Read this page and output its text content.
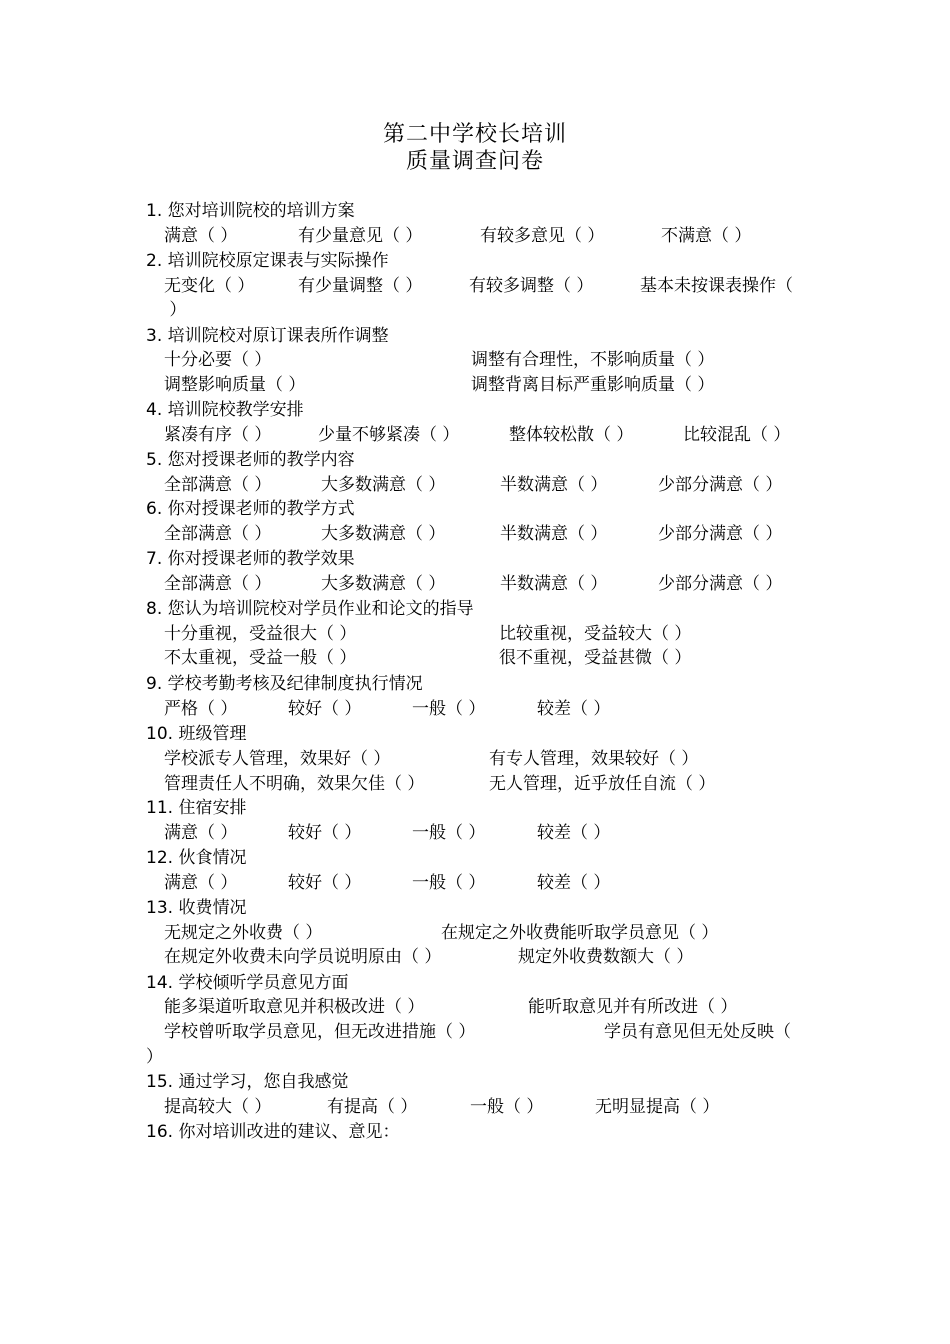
第二中学校长培训
质量调查问卷
1. 您对培训院校的培训方案
满意（ ）	有少量意见（ ）	有较多意见（ ）	不满意（ ）
2. 培训院校原定课表与实际操作
无变化（ ）	有少量调整（ ）	有较多调整（ ）	基本未按课表操作（
）
3. 培训院校对原订课表所作调整
十分必要（ ）	调整有合理性，不影响质量（ ）
调整影响质量（ ）	调整背离目标严重影响质量（ ）
4. 培训院校教学安排
紧凑有序（ ）	少量不够紧凑（ ）	整体较松散（ ）	比较混乱（ ）
5. 您对授课老师的教学内容
全部满意（ ）	大多数满意（ ）	半数满意（ ）	少部分满意（ ）
6. 你对授课老师的教学方式
全部满意（ ）	大多数满意（ ）	半数满意（ ）	少部分满意（ ）
7. 你对授课老师的教学效果
全部满意（ ）	大多数满意（ ）	半数满意（ ）	少部分满意（ ）
8. 您认为培训院校对学员作业和论文的指导
十分重视，受益很大（ ）	比较重视，受益较大（ ）
不太重视，受益一般（ ）	很不重视，受益甚微（ ）
9. 学校考勤考核及纪律制度执行情况
严格（ ）	较好（ ）	一般（ ）	较差（ ）
10. 班级管理
学校派专人管理，效果好（ ）	有专人管理，效果较好（ ）
管理责任人不明确，效果欠佳（ ）	无人管理，近乎放任自流（ ）
11. 住宿安排
满意（ ）	较好（ ）	一般（ ）	较差（ ）
12. 伙食情况
满意（ ）	较好（ ）	一般（ ）	较差（ ）
13. 收费情况
无规定之外收费（ ）	在规定之外收费能听取学员意见（ ）
在规定外收费未向学员说明原由（ ）	规定外收费数额大（ ）
14. 学校倾听学员意见方面
能多渠道听取意见并积极改进（ ）	能听取意见并有所改进（ ）
学校曾听取学员意见，但无改进措施（ ）	学员有意见但无处反映（
）
15. 通过学习，您自我感觉
提高较大（ ）	有提高（ ）	一般（ ）	无明显提高（ ）
16. 你对培训改进的建议、意见：
